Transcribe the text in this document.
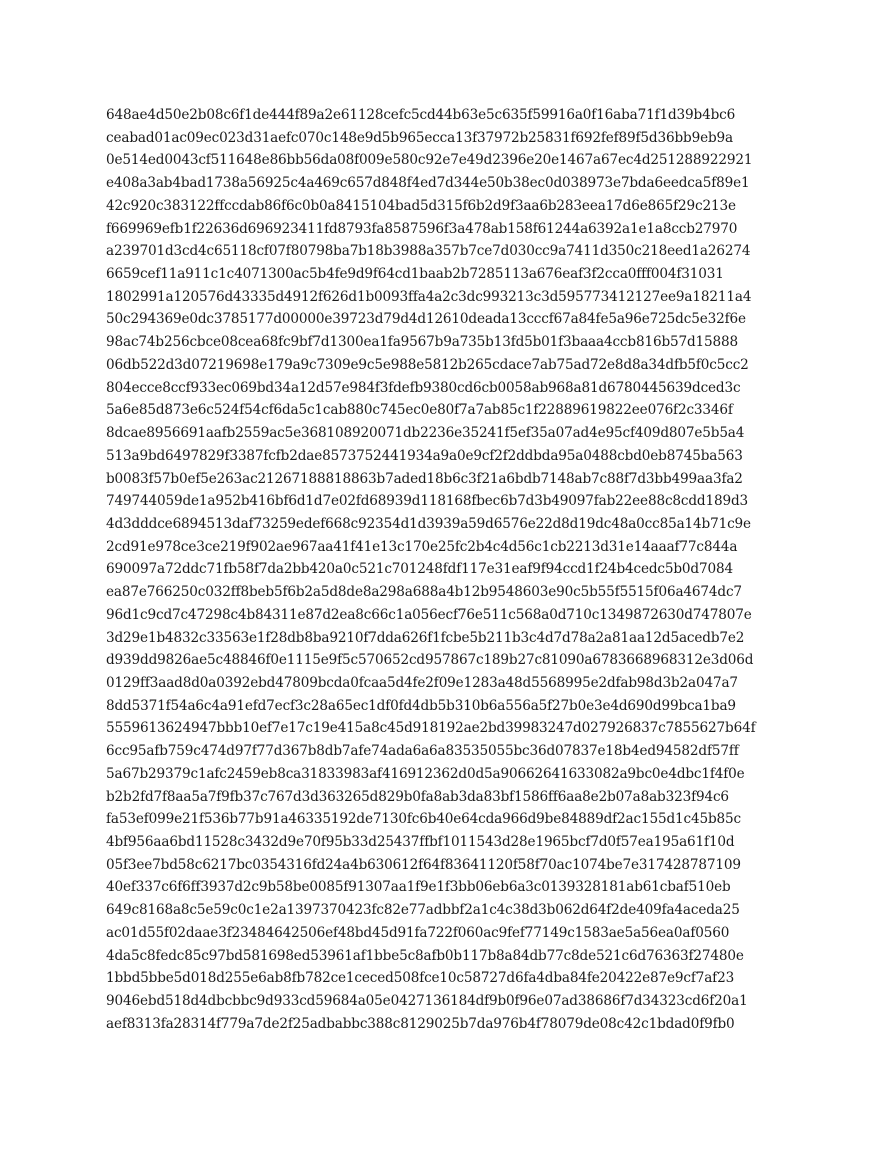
648ae4d50e2b08c6f1de444f89a2e61128cefc5cd44b63e5c635f59916a0f16aba71f1d39b4bc6
ceabad01ac09ec023d31aefc070c148e9d5b965ecca13f37972b25831f692fef89f5d36bb9eb9a
0e514ed0043cf511648e86bb56da08f009e580c92e7e49d2396e20e1467a67ec4d251288922921
e408a3ab4bad1738a56925c4a469c657d848f4ed7d344e50b38ec0d038973e7bda6eedca5f89e1
42c920c383122ffccdab86f6c0b0a8415104bad5d315f6b2d9f3aa6b283eea17d6e865f29c213e
f669969efb1f22636d696923411fd8793fa8587596f3a478ab158f61244a6392a1e1a8ccb27970
a239701d3cd4c65118cf07f80798ba7b18b3988a357b7ce7d030cc9a7411d350c218eed1a26274
6659cef11a911c1c4071300ac5b4fe9d9f64cd1baab2b7285113a676eaf3f2cca0fff004f31031
1802991a120576d43335d4912f626d1b0093ffa4a2c3dc993213c3d595773412127ee9a18211a4
50c294369e0dc3785177d00000e39723d79d4d12610deada13cccf67a84fe5a96e725dc5e32f6e
98ac74b256cbce08cea68fc9bf7d1300ea1fa9567b9a735b13fd5b01f3baaa4ccb816b57d15888
06db522d3d07219698e179a9c7309e9c5e988e5812b265cdace7ab75ad72e8d8a34dfb5f0c5cc2
804ecce8ccf933ec069bd34a12d57e984f3fdefb9380cd6cb0058ab968a81d6780445639dced3c
5a6e85d873e6c524f54cf6da5c1cab880c745ec0e80f7a7ab85c1f22889619822ee076f2c3346f
8dcae8956691aafb2559ac5e368108920071db2236e35241f5ef35a07ad4e95cf409d807e5b5a4
513a9bd6497829f3387fcfb2dae8573752441934a9a0e9cf2f2ddbda95a0488cbd0eb8745ba563
b0083f57b0ef5e263ac21267188818863b7aded18b6c3f21a6bdb7148ab7c88f7d3bb499aa3fa2
749744059de1a952b416bf6d1d7e02fd68939d118168fbec6b7d3b49097fab22ee88c8cdd189d3
4d3dddce6894513daf73259edef668c92354d1d3939a59d6576e22d8d19dc48a0cc85a14b71c9e
2cd91e978ce3ce219f902ae967aa41f41e13c170e25fc2b4c4d56c1cb2213d31e14aaaf77c844a
690097a72ddc71fb58f7da2bb420a0c521c701248fdf117e31eaf9f94ccd1f24b4cedc5b0d7084
ea87e766250c032ff8beb5f6b2a5d8de8a298a688a4b12b9548603e90c5b55f5515f06a4674dc7
96d1c9cd7c47298c4b84311e87d2ea8c66c1a056ecf76e511c568a0d710c1349872630d747807e
3d29e1b4832c33563e1f28db8ba9210f7dda626f1fcbe5b211b3c4d7d78a2a81aa12d5acedb7e2
d939dd9826ae5c48846f0e1115e9f5c570652cd957867c189b27c81090a6783668968312e3d06d
0129ff3aad8d0a0392ebd47809bcda0fcaa5d4fe2f09e1283a48d5568995e2dfab98d3b2a047a7
8dd5371f54a6c4a91efd7ecf3c28a65ec1df0fd4db5b310b6a556a5f27b0e3e4d690d99bca1ba9
5559613624947bbb10ef7e17c19e415a8c45d918192ae2bd39983247d027926837c7855627b64f
6cc95afb759c474d97f77d367b8db7afe74ada6a6a83535055bc36d07837e18b4ed94582df57ff
5a67b29379c1afc2459eb8ca31833983af416912362d0d5a90662641633082a9bc0e4dbc1f4f0e
b2b2fd7f8aa5a7f9fb37c767d3d363265d829b0fa8ab3da83bf1586ff6aa8e2b07a8ab323f94c6
fa53ef099e21f536b77b91a46335192de7130fc6b40e64cda966d9be84889df2ac155d1c45b85c
4bf956aa6bd11528c3432d9e70f95b33d25437ffbf1011543d28e1965bcf7d0f57ea195a61f10d
05f3ee7bd58c6217bc0354316fd24a4b630612f64f83641120f58f70ac1074be7e317428787109
40ef337c6f6ff3937d2c9b58be0085f91307aa1f9e1f3bb06eb6a3c0139328181ab61cbaf510eb
649c8168a8c5e59c0c1e2a1397370423fc82e77adbbf2a1c4c38d3b062d64f2de409fa4aceda25
ac01d55f02daae3f23484642506ef48bd45d91fa722f060ac9fef77149c1583ae5a56ea0af0560
4da5c8fedc85c97bd581698ed53961af1bbe5c8afb0b117b8a84db77c8de521c6d76363f27480e
1bbd5bbe5d018d255e6ab8fb782ce1ceced508fce10c58727d6fa4dba84fe20422e87e9cf7af23
9046ebd518d4dbcbbc9d933cd59684a05e0427136184df9b0f96e07ad38686f7d34323cd6f20a1
aef8313fa28314f779a7de2f25adbabbc388c8129025b7da976b4f78079de08c42c1bdad0f9fb0
